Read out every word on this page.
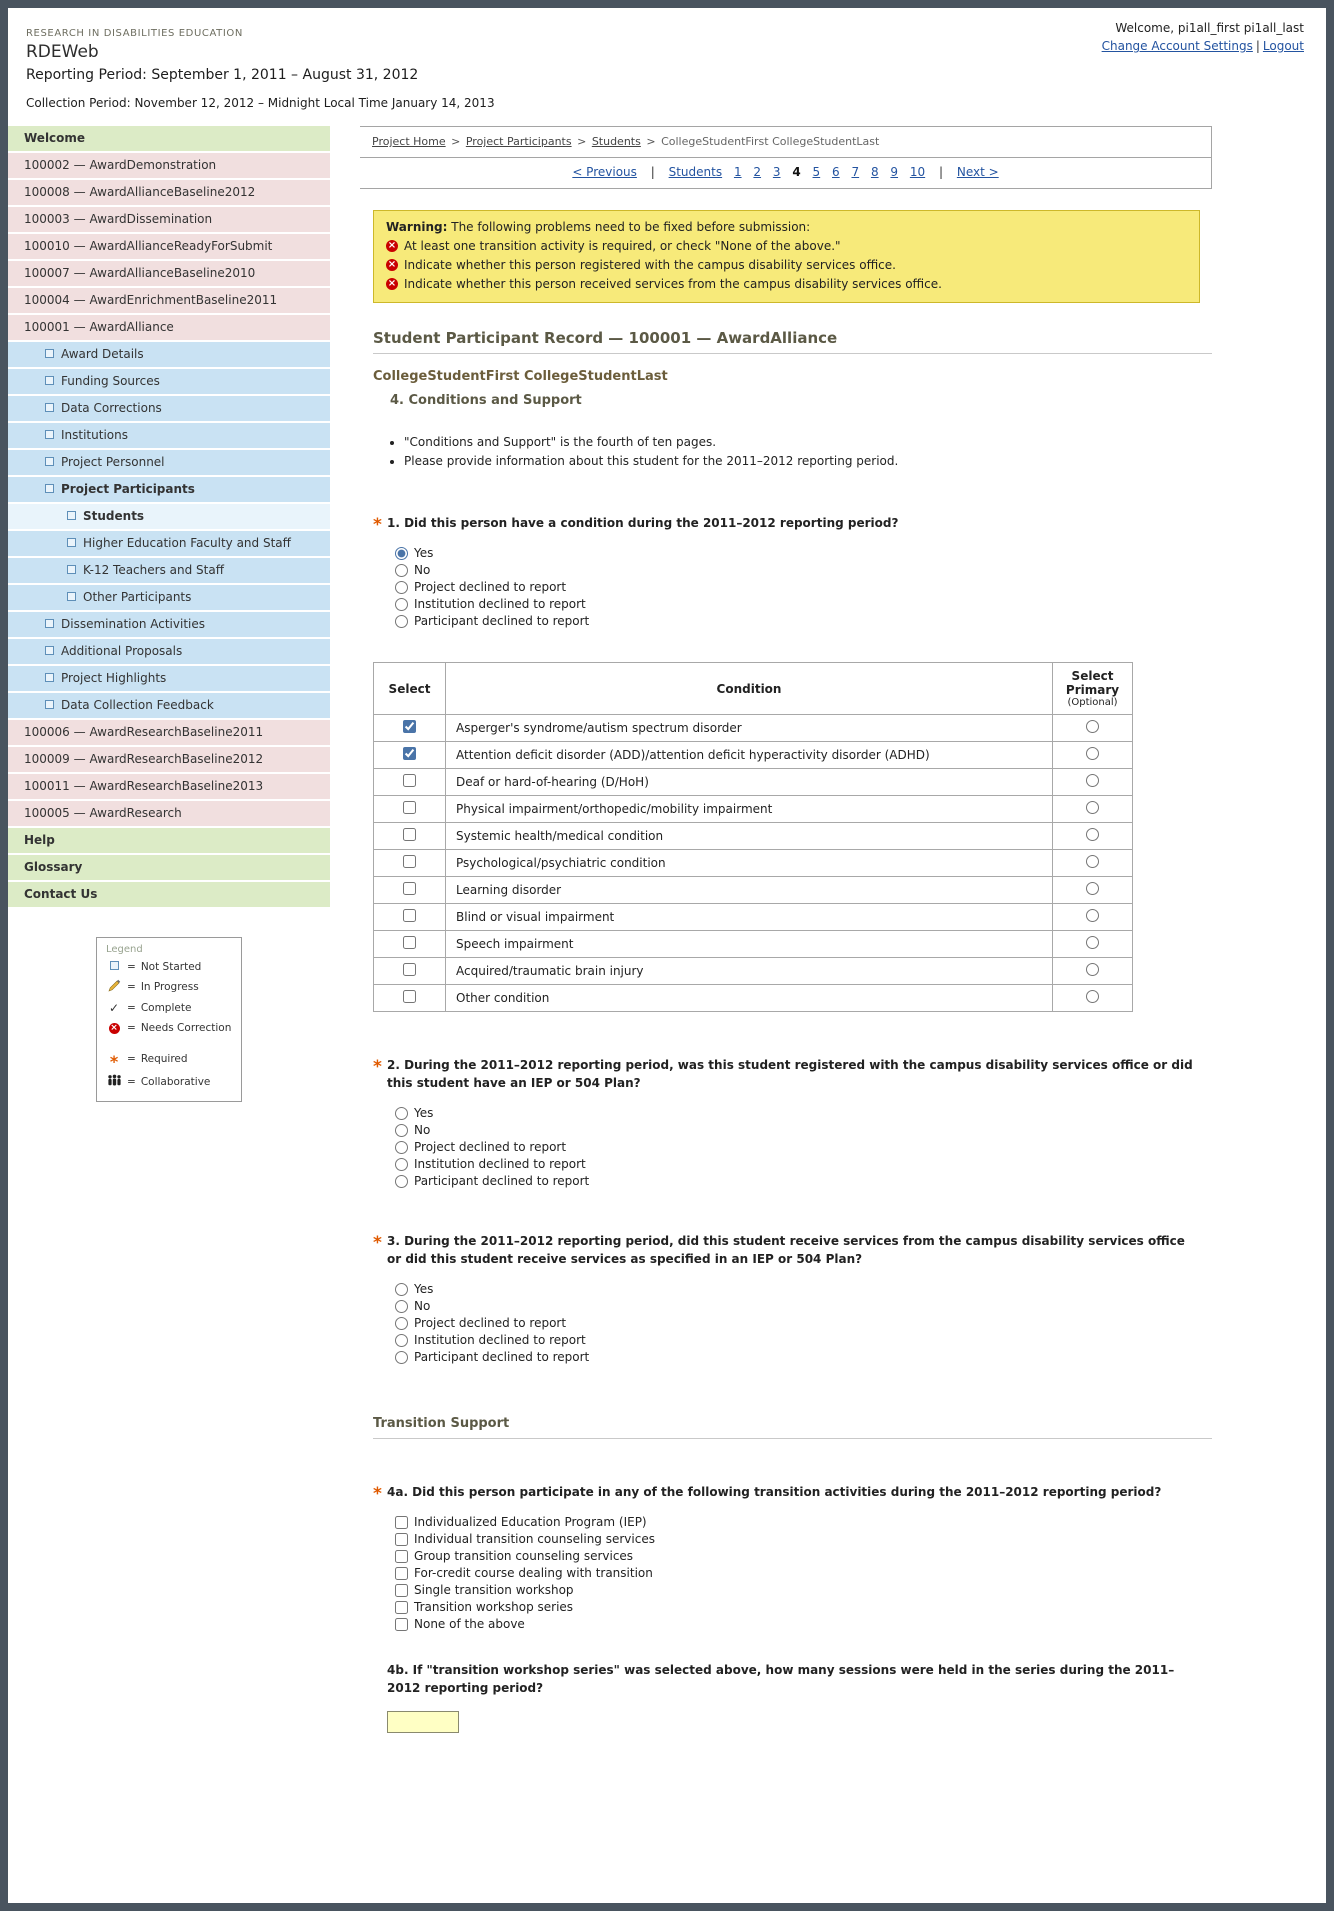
RESEARCH IN DISABILITIES EDUCATION
RDEWeb
Reporting Period: September 1, 2011 – August 31, 2012
Collection Period: November 12, 2012 – Midnight Local Time January 14, 2013
Welcome, pi1all_first pi1all_last
Change Account Settings | Logout
Welcome
100002 — AwardDemonstration
100008 — AwardAllianceBaseline2012
100003 — AwardDissemination
100010 — AwardAllianceReadyForSubmit
100007 — AwardAllianceBaseline2010
100004 — AwardEnrichmentBaseline2011
100001 — AwardAlliance
Award Details
Funding Sources
Data Corrections
Institutions
Project Personnel
Project Participants
Students
Higher Education Faculty and Staff
K-12 Teachers and Staff
Other Participants
Dissemination Activities
Additional Proposals
Project Highlights
Data Collection Feedback
100006 — AwardResearchBaseline2011
100009 — AwardResearchBaseline2012
100011 — AwardResearchBaseline2013
100005 — AwardResearch
Help
Glossary
Contact Us
Legend
= Not Started
= In Progress
✓
= Complete
×
= Needs Correction
*
= Required
= Collaborative
Project Home > Project Participants > Students > CollegeStudentFirst CollegeStudentLast
< Previous | Students 1 2 3 4 5 6 7 8 9 10 | Next >
Warning: The following problems need to be fixed before submission:
×
At least one transition activity is required, or check "None of the above."
×
Indicate whether this person registered with the campus disability services office.
×
Indicate whether this person received services from the campus disability services office.
Student Participant Record — 100001 — AwardAlliance
CollegeStudentFirst CollegeStudentLast
4. Conditions and Support
• "Conditions and Support" is the fourth of ten pages.
• Please provide information about this student for the 2011–2012 reporting period.
*
1. Did this person have a condition during the 2011–2012 reporting period?
Yes
No
Project declined to report
Institution declined to report
Participant declined to report
Select	Condition	Select Primary
(Optional)

	Asperger's syndrome/autism spectrum disorder	
	Attention deficit disorder (ADD)/attention deficit hyperactivity disorder (ADHD)	
	Deaf or hard-of-hearing (D/HoH)	
	Physical impairment/orthopedic/mobility impairment	
	Systemic health/medical condition	
	Psychological/psychiatric condition	
	Learning disorder	
	Blind or visual impairment	
	Speech impairment	
	Acquired/traumatic brain injury	
	Other condition	
*
2. During the 2011–2012 reporting period, was this student registered with the campus disability services office or did this student have an IEP or 504 Plan?
Yes
No
Project declined to report
Institution declined to report
Participant declined to report
*
3. During the 2011–2012 reporting period, did this student receive services from the campus disability services office or did this student receive services as specified in an IEP or 504 Plan?
Yes
No
Project declined to report
Institution declined to report
Participant declined to report
Transition Support
*
4a. Did this person participate in any of the following transition activities during the 2011–2012 reporting period?
Individualized Education Program (IEP)
Individual transition counseling services
Group transition counseling services
For-credit course dealing with transition
Single transition workshop
Transition workshop series
None of the above
4b. If "transition workshop series" was selected above, how many sessions were held in the series during the 2011–2012 reporting period?
